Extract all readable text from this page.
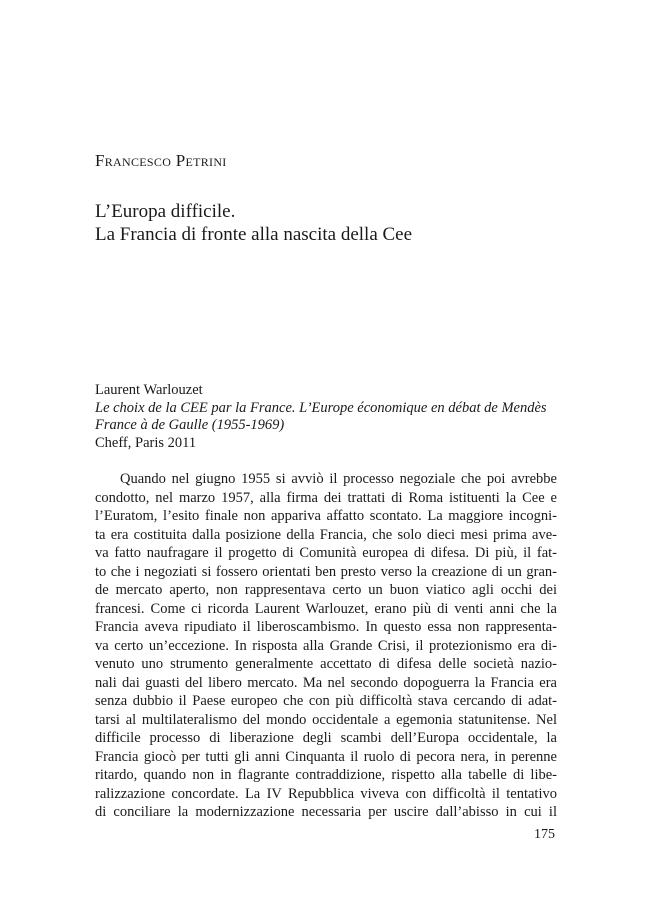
Francesco Petrini
L’Europa difficile.
La Francia di fronte alla nascita della Cee
Laurent Warlouzet
Le choix de la CEE par la France. L’Europe économique en débat de Mendès
France à de Gaulle (1955-1969)
Cheff, Paris 2011
Quando nel giugno 1955 si avviò il processo negoziale che poi avrebbe
condotto, nel marzo 1957, alla firma dei trattati di Roma istituenti la Cee e
l’Euratom, l’esito finale non appariva affatto scontato. La maggiore incogni-
ta era costituita dalla posizione della Francia, che solo dieci mesi prima ave-
va fatto naufragare il progetto di Comunità europea di difesa. Di più, il fat-
to che i negoziati si fossero orientati ben presto verso la creazione di un gran-
de mercato aperto, non rappresentava certo un buon viatico agli occhi dei
francesi. Come ci ricorda Laurent Warlouzet, erano più di venti anni che la
Francia aveva ripudiato il liberoscambismo. In questo essa non rappresenta-
va certo un’eccezione. In risposta alla Grande Crisi, il protezionismo era di-
venuto uno strumento generalmente accettato di difesa delle società nazio-
nali dai guasti del libero mercato. Ma nel secondo dopoguerra la Francia era
senza dubbio il Paese europeo che con più difficoltà stava cercando di adat-
tarsi al multilateralismo del mondo occidentale a egemonia statunitense. Nel
difficile processo di liberazione degli scambi dell’Europa occidentale, la
Francia giocò per tutti gli anni Cinquanta il ruolo di pecora nera, in perenne
ritardo, quando non in flagrante contraddizione, rispetto alla tabelle di libe-
ralizzazione concordate. La IV Repubblica viveva con difficoltà il tentativo
di conciliare la modernizzazione necessaria per uscire dall’abisso in cui il
175
